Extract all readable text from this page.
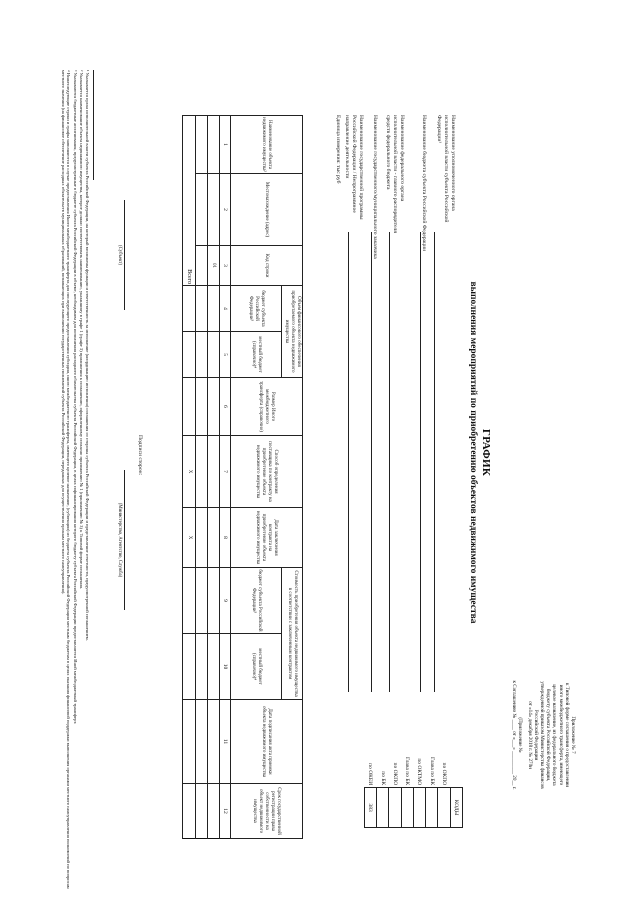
Приложение № 7
к Типовой форме соглашения о предоставлении
иного межбюджетного трансферта, имеющего
целевое назначение, из федерального бюджета
бюджету субъекта Российской Федерации,
утвержденной приказом Министерства финансов
Российской Федерации
от «14» декабря 2018 г. № 270н
(Приложение №
к Соглашению № ____ от «___» _________ 20__ г.
ГРАФИК
выполнения мероприятий по приобретению объектов недвижимого имущества
	КОДЫ
по ОКПО	
Глава по БК	
по ОКТМО	
Глава по БК	
по ОКПО	
по БК	
по ОКЕИ	383
Наименование уполномоченного органа исполнительной власти субъекта Российской Федерации¹
Наименование бюджета субъекта Российской Федерации
Наименование федерального органа исполнительной власти - главного распорядителя средств федерального бюджета
Наименование государственного/муниципального заказчика
Наименование государственной программы Российской Федерации / Непрограммное направление деятельности
Единица измерения: тыс руб
Наименование объекта недвижимого имущества²	Местонахождение (адрес)	Код строки	Объем финансового обеспечения приобретаемого объекта недвижимого имущества		Размер Иного межбюджетного трансферта (справочно)	Способ определения поставщика по контракту на приобретение объекта недвижимого имущества	Дата заключения контракта на приобретение объекта недвижимого имущества	Стоимость приобретения объекта недвижимого имущества в соответствии с заключенным контрактом		Дата подписания акта приемки объекта недвижимого имущества	Срок государственной регистрации права собственности на объект недвижимого имущества
			бюджет субъекта Российской Федерации³	местный бюджет (справочно)⁴				бюджет субъекта Российской Федерации³	местный бюджет (справочно)⁴		
1	2	3	4	5	6	7	8	9	10	11	12
		01									

Всего						X	X				
Подписи сторон:
(Субъект)
(Министерство, Агентство, Служба)

¹ Указывается орган исполнительной власти субъекта Российской Федерации, на который возложены функции и ответственность за исполнение (координацию исполнения) соглашения со стороны субъекта Российской Федерации и представление отчетности, предусмотренной соглашением.

² Указывается наименование объекта недвижимого имущества, которое должно соответствовать наименованию, указанному в графе 1 (графе 3) приложения к соглашению, оформленному согласно приложению № 1 (приложению № 3) к Типовой форме соглашения.

³ Указываются бюджетные ассигнования, предусмотренные в бюджете субъекта Российской Федерации в объеме, необходимом для исполнения расходного обязательства субъекта Российской Федерации, в целях софинансирования которого бюджету субъекта Российской Федерации предоставляется Иной межбюджетный трансферт.

⁴ Нижеследующие строки и графы заполняются в случае предоставления Иного межбюджетного трансферта для последующего предоставления субсидии, иного межбюджетного трансферта, имеющего целевое назначение, (субвенции) из бюджета субъекта Российской Федерации местным бюджетам в целях оказания финансовой поддержки выполнения органами местного самоуправления полномочий по вопросам местного значения (на финансовое обеспечение расходных обязательств муниципальных образований, возникающих при выполнении государственных полномочий субъекта Российской Федерации, переданных для осуществления органам местного самоуправления).
